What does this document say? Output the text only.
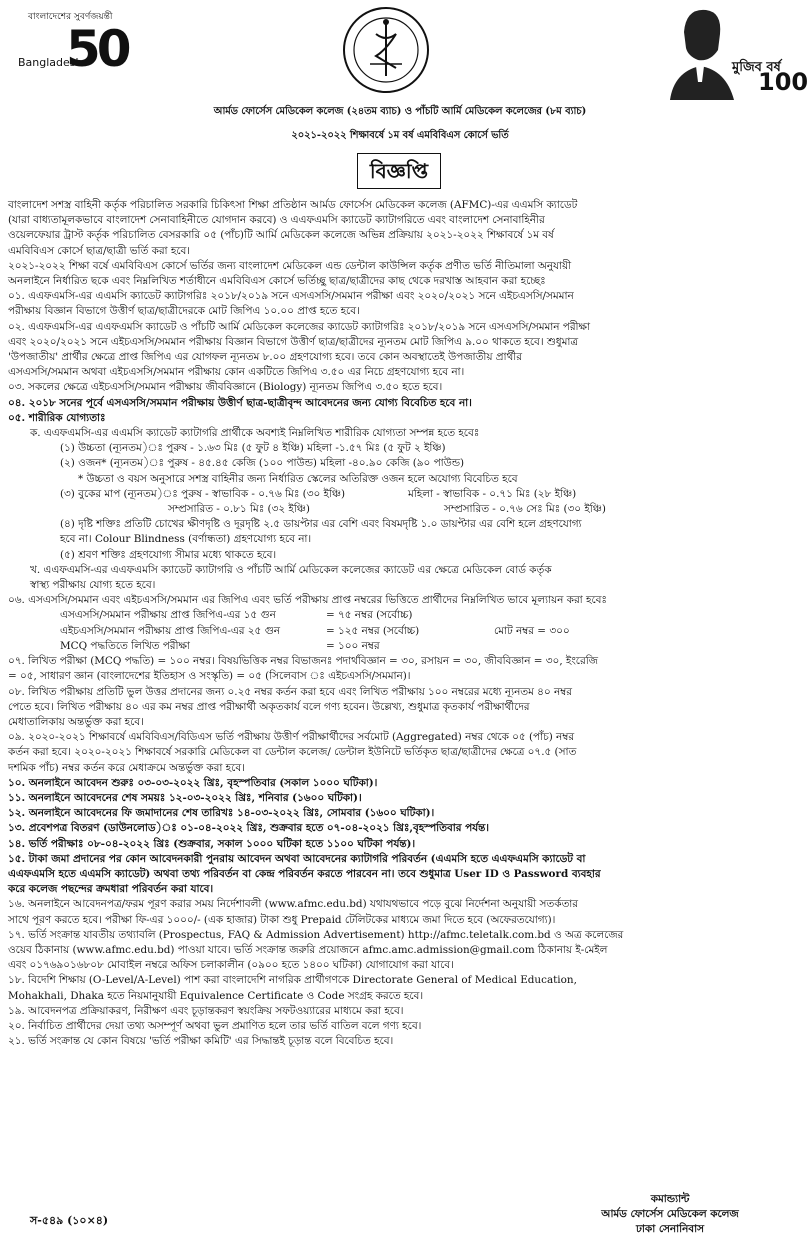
বাংলাদেশের সুবর্ণজয়ন্তী
Bangladesh
50	মুজিব বর্ষ
100
আর্মড ফোর্সেস মেডিকেল কলেজ (২৪তম ব্যাচ) ও পাঁচটি আর্মি মেডিকেল কলেজের (৮ম ব্যাচ)
২০২১-২০২২ শিক্ষাবর্ষে ১ম বর্ষ এমবিবিএস কোর্সে ভর্তি
বিজ্ঞপ্তি

বাংলাদেশ সশস্ত্র বাহিনী কর্তৃক পরিচালিত সরকারি চিকিৎসা শিক্ষা প্রতিষ্ঠান আর্মড ফোর্সেস মেডিকেল কলেজ (AFMC)-এর এএমসি ক্যাডেট

(যারা বাধ্যতামূলকভাবে বাংলাদেশ সেনাবাহিনীতে যোগদান করবে) ও এএফএমসি ক্যাডেট ক্যাটাগরিতে এবং বাংলাদেশ সেনাবাহিনীর

ওয়েলফেয়ার ট্রাস্ট কর্তৃক পরিচালিত বেসরকারি ০৫ (পাঁচ)টি আর্মি মেডিকেল কলেজে অভিন্ন প্রক্রিয়ায় ২০২১-২০২২ শিক্ষাবর্ষে ১ম বর্ষ

এমবিবিএস কোর্সে ছাত্র/ছাত্রী ভর্তি করা হবে।

২০২১-২০২২ শিক্ষা বর্ষে এমবিবিএস কোর্সে ভর্তির জন্য বাংলাদেশ মেডিকেল এন্ড ডেন্টাল কাউন্সিল কর্তৃক প্রণীত ভর্তি নীতিমালা অনুযায়ী

অনলাইনে নির্ধারিত ছকে এবং নিম্নলিখিত শর্তাধীনে এমবিবিএস কোর্সে ভর্তিচ্ছু ছাত্র/ছাত্রীদের কাছ থেকে দরখাস্ত আহবান করা হচ্ছেঃ

০১. এএফএমসি-এর এএমসি ক্যাডেট ক্যাটাগরিঃ ২০১৮/২০১৯ সনে এসএসসি/সমমান পরীক্ষা এবং ২০২০/২০২১ সনে এইচএসসি/সমমান

পরীক্ষায় বিজ্ঞান বিভাগে উত্তীর্ণ ছাত্র/ছাত্রীদেরকে মোট জিপিএ ১০.০০ প্রাপ্ত হতে হবে।

০২. এএফএমসি-এর এএফএমসি ক্যাডেট ও পাঁচটি আর্মি মেডিকেল কলেজের ক্যাডেট ক্যাটাগরিঃ ২০১৮/২০১৯ সনে এসএসসি/সমমান পরীক্ষা

এবং ২০২০/২০২১ সনে এইচএসসি/সমমান পরীক্ষায় বিজ্ঞান বিভাগে উত্তীর্ণ ছাত্র/ছাত্রীদের ন্যূনতম মোট জিপিএ ৯.০০ থাকতে হবে। শুধুমাত্র

'উপজাতীয়' প্রার্থীর ক্ষেত্রে প্রাপ্ত জিপিএ এর যোগফল ন্যূনতম ৮.০০ গ্রহণযোগ্য হবে। তবে কোন অবস্থাতেই উপজাতীয় প্রার্থীর

এসএসসি/সমমান অথবা এইচএসসি/সমমান পরীক্ষায় কোন একটিতে জিপিএ ৩.৫০ এর নিচে গ্রহণযোগ্য হবে না।

০৩. সকলের ক্ষেত্রে এইচএসসি/সমমান পরীক্ষায় জীববিজ্ঞানে (Biology) ন্যূনতম জিপিএ ৩.৫০ হতে হবে।

০৪. ২০১৮ সনের পূর্বে এসএসসি/সমমান পরীক্ষায় উত্তীর্ণ ছাত্র-ছাত্রীবৃন্দ আবেদনের জন্য যোগ্য বিবেচিত হবে না।

০৫. শারীরিক যোগ্যতাঃ

ক. এএফএমসি-এর এএমসি ক্যাডেট ক্যাটাগরি প্রার্থীকে অবশ্যই নিম্নলিখিত শারীরিক যোগ্যতা সম্পন্ন হতে হবেঃ

(১) উচ্চতা (ন্যূনতম)ঃ পুরুষ - ১.৬৩ মিঃ (৫ ফুট ৪ ইঞ্চি) মহিলা -১.৫৭ মিঃ (৫ ফুট ২ ইঞ্চি)

(২) ওজন* (ন্যূনতম)ঃ পুরুষ - ৪৫.৪৫ কেজি (১০০ পাউন্ড) মহিলা -৪০.৯০ কেজি (৯০ পাউন্ড)

* উচ্চতা ও বয়স অনুসারে সশস্ত্র বাহিনীর জন্য নির্ধারিত স্কেলের অতিরিক্ত ওজন হলে অযোগ্য বিবেচিত হবে

(৩) বুকের মাপ (ন্যূনতম)ঃ পুরুষ - স্বাভাবিক - ০.৭৬ মিঃ (৩০ ইঞ্চি)	মহিলা - স্বাভাবিক - ০.৭১ মিঃ (২৮ ইঞ্চি)
সম্প্রসারিত - ০.৮১ মিঃ (৩২ ইঞ্চি)	সম্প্রসারিত - ০.৭৬ সেঃ মিঃ (৩০ ইঞ্চি)

(৪) দৃষ্টি শক্তিঃ প্রতিটি চোখের ক্ষীণদৃষ্টি ও দূরদৃষ্টি ২.৫ ডায়প্টার এর বেশি এবং বিষমদৃষ্টি ১.০ ডায়প্টার এর বেশি হলে গ্রহণযোগ্য

হবে না। Colour Blindness (বর্ণান্ধতা) গ্রহণযোগ্য হবে না।

(৫) শ্রবণ শক্তিঃ গ্রহণযোগ্য সীমার মধ্যে থাকতে হবে।

খ. এএফএমসি-এর এএফএমসি ক্যাডেট ক্যাটাগরি ও পাঁচটি আর্মি মেডিকেল কলেজের ক্যাডেট এর ক্ষেত্রে মেডিকেল বোর্ড কর্তৃক

স্বাস্থ্য পরীক্ষায় যোগ্য হতে হবে।

০৬. এসএসসি/সমমান এবং এইচএসসি/সমমান এর জিপিএ এবং ভর্তি পরীক্ষায় প্রাপ্ত নম্বরের ভিত্তিতে প্রার্থীদের নিম্নলিখিত ভাবে মূল্যায়ন করা হবেঃ

এসএসসি/সমমান পরীক্ষায় প্রাপ্ত জিপিএ-এর ১৫ গুন	= ৭৫ নম্বর (সর্বোচ্চ)
এইচএসসি/সমমান পরীক্ষায় প্রাপ্ত জিপিএ-এর ২৫ গুন	= ১২৫ নম্বর (সর্বোচ্চ)	মোট নম্বর = ৩০০
MCQ পদ্ধতিতে লিখিত পরীক্ষা	= ১০০ নম্বর

০৭. লিখিত পরীক্ষা (MCQ পদ্ধতি) = ১০০ নম্বর। বিষয়ভিত্তিক নম্বর বিভাজনঃ পদার্থবিজ্ঞান = ৩০, রসায়ন = ৩০, জীববিজ্ঞান = ৩০, ইংরেজি

= ০৫, সাধারণ জ্ঞান (বাংলাদেশের ইতিহাস ও সংস্কৃতি) = ০৫ (সিলেবাস ঃ এইচএসসি/সমমান)।

০৮. লিখিত পরীক্ষায় প্রতিটি ভুল উত্তর প্রদানের জন্য ০.২৫ নম্বর কর্তন করা হবে এবং লিখিত পরীক্ষায় ১০০ নম্বরের মধ্যে ন্যূনতম ৪০ নম্বর

পেতে হবে। লিখিত পরীক্ষায় ৪০ এর কম নম্বর প্রাপ্ত পরীক্ষার্থী অকৃতকার্য বলে গণ্য হবেন। উল্লেখ্য, শুধুমাত্র কৃতকার্য পরীক্ষার্থীদের

মেধাতালিকায় অন্তর্ভুক্ত করা হবে।

০৯. ২০২০-২০২১ শিক্ষাবর্ষে এমবিবিএস/বিডিএস ভর্তি পরীক্ষায় উত্তীর্ণ পরীক্ষার্থীদের সর্বমোট (Aggregated) নম্বর থেকে ০৫ (পাঁচ) নম্বর

কর্তন করা হবে। ২০২০-২০২১ শিক্ষাবর্ষে সরকারি মেডিকেল বা ডেন্টাল কলেজ/ ডেন্টাল ইউনিটে ভর্তিকৃত ছাত্র/ছাত্রীদের ক্ষেত্রে ০৭.৫ (সাত

দশমিক পাঁচ) নম্বর কর্তন করে মেধাক্রমে অন্তর্ভুক্ত করা হবে।

১০. অনলাইনে আবেদন শুরুঃ ০৩-০৩-২০২২ খ্রিঃ, বৃহস্পতিবার (সকাল ১০০০ ঘটিকা)।

১১. অনলাইনে আবেদনের শেষ সময়ঃ ১২-০৩-২০২২ খ্রিঃ, শনিবার (১৬০০ ঘটিকা)।

১২. অনলাইনে আবেদনের ফি জমাদানের শেষ তারিখঃ ১৪-০৩-২০২২ খ্রিঃ, সোমবার (১৬০০ ঘটিকা)।

১৩. প্রবেশপত্র বিতরণ (ডাউনলোড)ঃ ০১-০৪-২০২২ খ্রিঃ, শুক্রবার হতে ০৭-০৪-২০২১ খ্রিঃ,বৃহস্পতিবার পর্যন্ত।

১৪. ভর্তি পরীক্ষাঃ ০৮-০৪-২০২২ খ্রিঃ (শুক্রবার, সকাল ১০০০ ঘটিকা হতে ১১০০ ঘটিকা পর্যন্ত)।

১৫. টাকা জমা প্রদানের পর কোন আবেদনকারী পুনরায় আবেদন অথবা আবেদনের ক্যাটাগরি পরিবর্তন (এএমসি হতে এএফএমসি ক্যাডেট বা

এএফএমসি হতে এএমসি ক্যাডেট) অথবা তথ্য পরিবর্তন বা কেন্দ্র পরিবর্তন করতে পারবেন না। তবে শুধুমাত্র User ID ও Password ব্যবহার

করে কলেজ পছন্দের ক্রমধারা পরিবর্তন করা যাবে।

১৬. অনলাইনে আবেদনপত্র/ফরম পূরণ করার সময় নির্দেশাবলী (www.afmc.edu.bd) যথাযথভাবে পড়ে বুঝে নির্দেশনা অনুযায়ী সতর্কতার

সাথে পূরণ করতে হবে। পরীক্ষা ফি-এর ১০০০/- (এক হাজার) টাকা শুধু Prepaid টেলিটকের মাধ্যমে জমা দিতে হবে (অফেরতযোগ্য)।

১৭. ভর্তি সংক্রান্ত যাবতীয় তথ্যাবলি (Prospectus, FAQ & Admission Advertisement) http://afmc.teletalk.com.bd ও অত্র কলেজের

ওয়েব ঠিকানায় (www.afmc.edu.bd) পাওয়া যাবে। ভর্তি সংক্রান্ত জরুরি প্রয়োজনে afmc.amc.admission@gmail.com ঠিকানায় ই-মেইল

এবং ০১৭৬৯০১৬৮০৮ মোবাইল নম্বরে অফিস চলাকালীন (০৯০০ হতে ১৪০০ ঘটিকা) যোগাযোগ করা যাবে।

১৮. বিদেশি শিক্ষায় (O-Level/A-Level) পাশ করা বাংলাদেশি নাগরিক প্রার্থীগণকে Directorate General of Medical Education,

Mohakhali, Dhaka হতে নিয়মানুযায়ী Equivalence Certificate ও Code সংগ্রহ করতে হবে।

১৯. আবেদনপত্র প্রক্রিয়াকরণ, নিরীক্ষণ এবং চূড়ান্তকরণ স্বয়ংক্রিয় সফটওয়্যারের মাধ্যমে করা হবে।

২০. নির্বাচিত প্রার্থীদের দেয়া তথ্য অসম্পূর্ণ অথবা ভুল প্রমাণিত হলে তার ভর্তি বাতিল বলে গণ্য হবে।

২১. ভর্তি সংক্রান্ত যে কোন বিষয়ে 'ভর্তি পরীক্ষা কমিটি' এর সিদ্ধান্তই চূড়ান্ত বলে বিবেচিত হবে।

কমান্ড্যান্ট
আর্মড ফোর্সেস মেডিকেল কলেজ
ঢাকা সেনানিবাস
স-৫৪৯ (১০×৪)
